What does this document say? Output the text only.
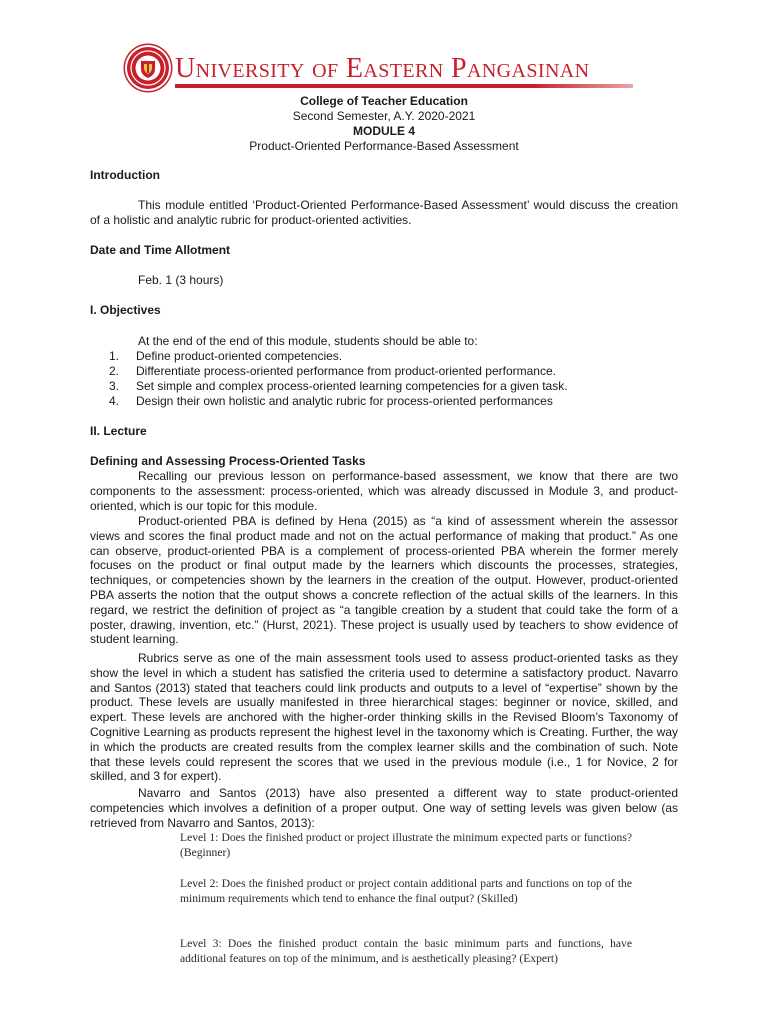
University of Eastern Pangasinan
College of Teacher Education
Second Semester, A.Y. 2020-2021
MODULE 4
Product-Oriented Performance-Based Assessment
Introduction
This module entitled ‘Product-Oriented Performance-Based Assessment’ would discuss the creation of a holistic and analytic rubric for product-oriented activities.
Date and Time Allotment
Feb. 1 (3 hours)
I. Objectives
At the end of the end of this module, students should be able to:
1. Define product-oriented competencies.
2. Differentiate process-oriented performance from product-oriented performance.
3. Set simple and complex process-oriented learning competencies for a given task.
4. Design their own holistic and analytic rubric for process-oriented performances
II. Lecture
Defining and Assessing Process-Oriented Tasks
Recalling our previous lesson on performance-based assessment, we know that there are two components to the assessment: process-oriented, which was already discussed in Module 3, and product-oriented, which is our topic for this module.
Product-oriented PBA is defined by Hena (2015) as “a kind of assessment wherein the assessor views and scores the final product made and not on the actual performance of making that product.” As one can observe, product-oriented PBA is a complement of process-oriented PBA wherein the former merely focuses on the product or final output made by the learners which discounts the processes, strategies, techniques, or competencies shown by the learners in the creation of the output. However, product-oriented PBA asserts the notion that the output shows a concrete reflection of the actual skills of the learners. In this regard, we restrict the definition of project as “a tangible creation by a student that could take the form of a poster, drawing, invention, etc.” (Hurst, 2021). These project is usually used by teachers to show evidence of student learning.
Rubrics serve as one of the main assessment tools used to assess product-oriented tasks as they show the level in which a student has satisfied the criteria used to determine a satisfactory product. Navarro and Santos (2013) stated that teachers could link products and outputs to a level of “expertise” shown by the product. These levels are usually manifested in three hierarchical stages: beginner or novice, skilled, and expert. These levels are anchored with the higher-order thinking skills in the Revised Bloom’s Taxonomy of Cognitive Learning as products represent the highest level in the taxonomy which is Creating. Further, the way in which the products are created results from the complex learner skills and the combination of such. Note that these levels could represent the scores that we used in the previous module (i.e., 1 for Novice, 2 for skilled, and 3 for expert).
Navarro and Santos (2013) have also presented a different way to state product-oriented competencies which involves a definition of a proper output. One way of setting levels was given below (as retrieved from Navarro and Santos, 2013):
Level 1: Does the finished product or project illustrate the minimum expected parts or functions? (Beginner)
Level 2: Does the finished product or project contain additional parts and functions on top of the minimum requirements which tend to enhance the final output? (Skilled)
Level 3: Does the finished product contain the basic minimum parts and functions, have additional features on top of the minimum, and is aesthetically pleasing? (Expert)
